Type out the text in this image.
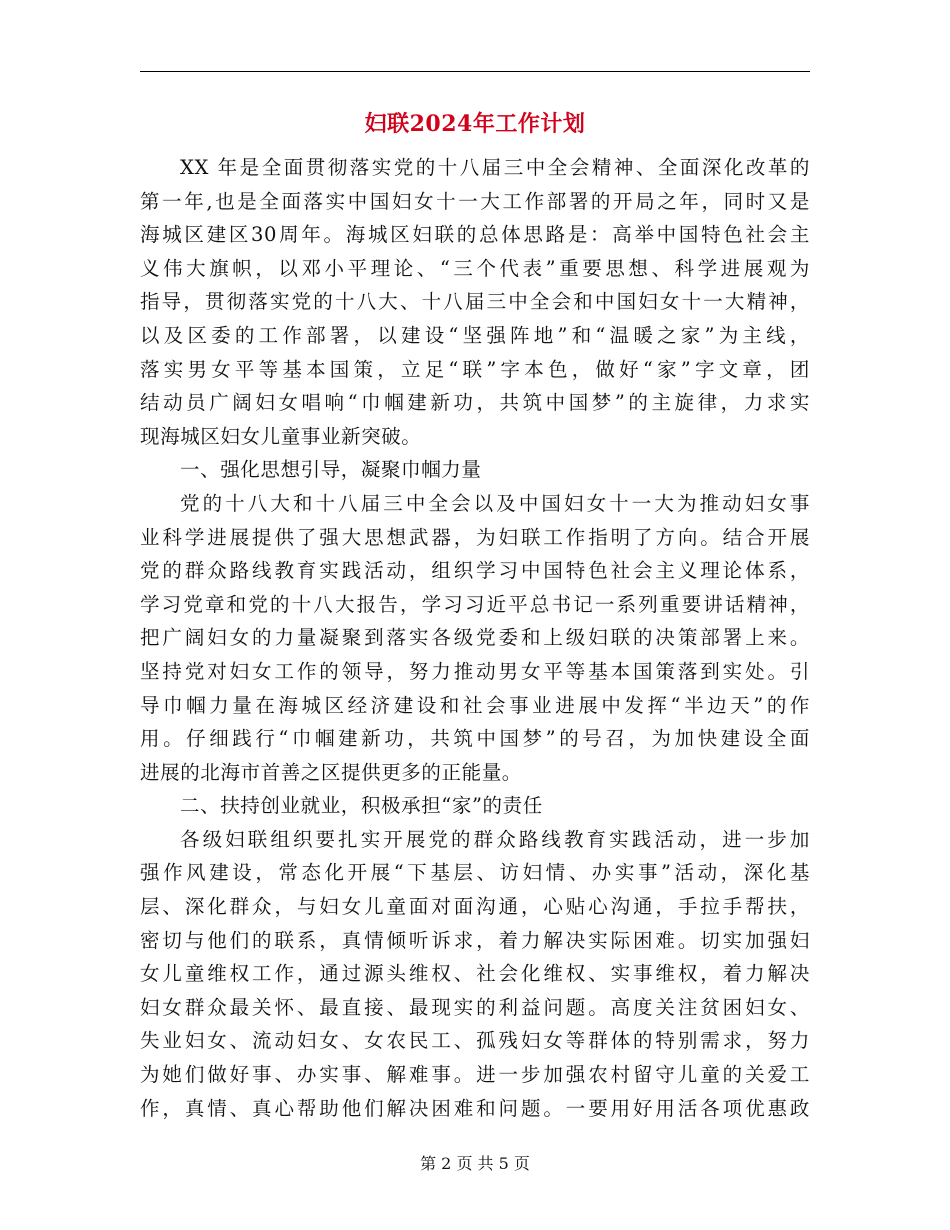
妇联2024年工作计划
XX 年是全面贯彻落实党的十八届三中全会精神、全面深化改革的
第一年,也是全面落实中国妇女十一大工作部署的开局之年，同时又是
海城区建区30周年。海城区妇联的总体思路是：高举中国特色社会主
义伟大旗帜，以邓小平理论、“三个代表”重要思想、科学进展观为
指导，贯彻落实党的十八大、十八届三中全会和中国妇女十一大精神，
以及区委的工作部署，以建设“坚强阵地”和“温暖之家”为主线，
落实男女平等基本国策，立足“联”字本色，做好“家”字文章，团
结动员广阔妇女唱响“巾帼建新功，共筑中国梦”的主旋律，力求实
现海城区妇女儿童事业新突破。
一、强化思想引导，凝聚巾帼力量
党的十八大和十八届三中全会以及中国妇女十一大为推动妇女事
业科学进展提供了强大思想武器，为妇联工作指明了方向。结合开展
党的群众路线教育实践活动，组织学习中国特色社会主义理论体系，
学习党章和党的十八大报告，学习习近平总书记一系列重要讲话精神，
把广阔妇女的力量凝聚到落实各级党委和上级妇联的决策部署上来。
坚持党对妇女工作的领导，努力推动男女平等基本国策落到实处。引
导巾帼力量在海城区经济建设和社会事业进展中发挥“半边天”的作
用。仔细践行“巾帼建新功，共筑中国梦”的号召，为加快建设全面
进展的北海市首善之区提供更多的正能量。
二、扶持创业就业，积极承担“家”的责任
各级妇联组织要扎实开展党的群众路线教育实践活动，进一步加
强作风建设，常态化开展“下基层、访妇情、办实事”活动，深化基
层、深化群众，与妇女儿童面对面沟通，心贴心沟通，手拉手帮扶，
密切与他们的联系，真情倾听诉求，着力解决实际困难。切实加强妇
女儿童维权工作，通过源头维权、社会化维权、实事维权，着力解决
妇女群众最关怀、最直接、最现实的利益问题。高度关注贫困妇女、
失业妇女、流动妇女、女农民工、孤残妇女等群体的特别需求，努力
为她们做好事、办实事、解难事。进一步加强农村留守儿童的关爱工
作，真情、真心帮助他们解决困难和问题。一要用好用活各项优惠政
第 2 页 共 5 页
